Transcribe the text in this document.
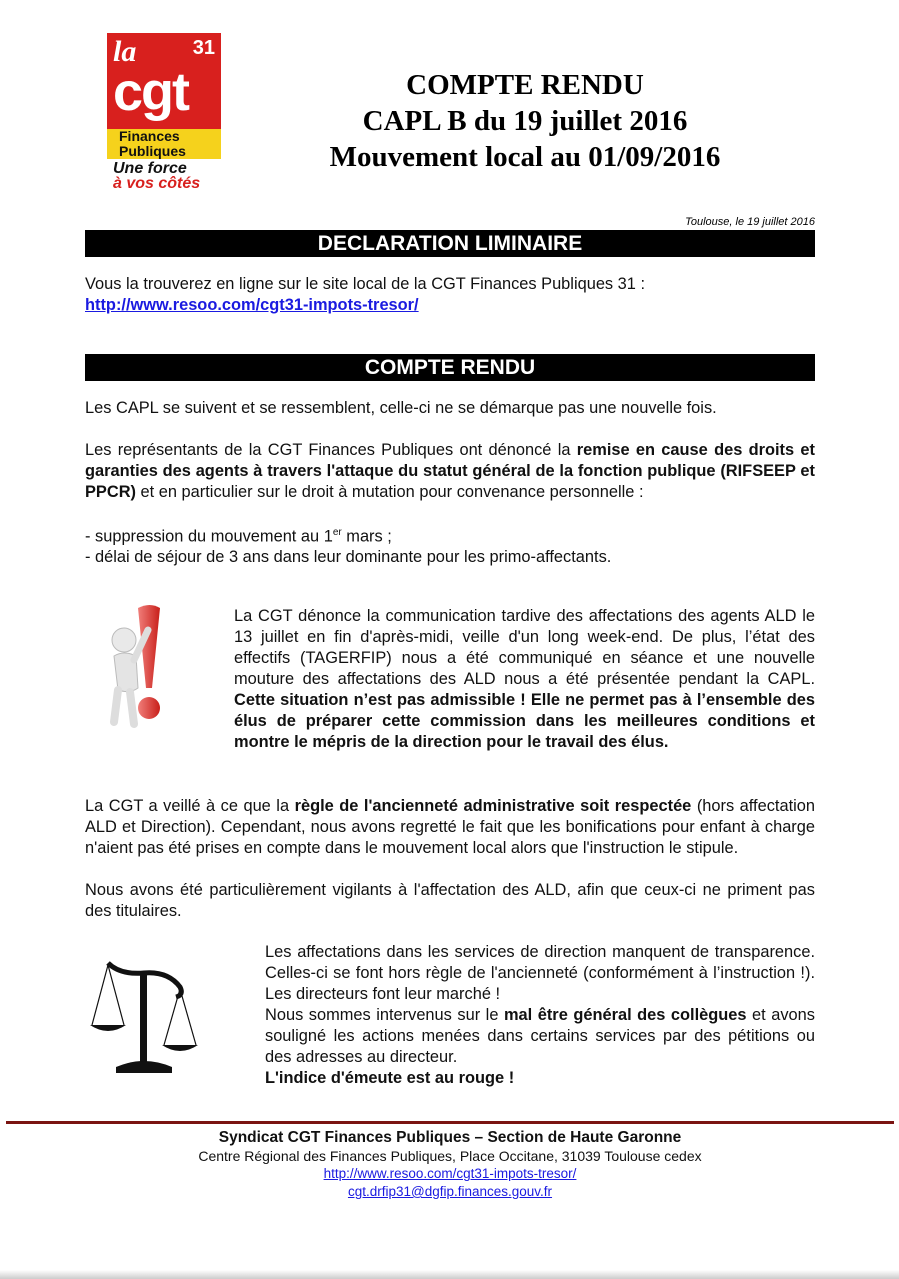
la	31
cgt
Finances
Publiques
Une force
à vos côtés
COMPTE RENDU
CAPL B du 19 juillet 2016
Mouvement local au 01/09/2016
Toulouse, le 19 juillet 2016
DECLARATION LIMINAIRE
Vous la trouverez en ligne sur le site local de la CGT Finances Publiques 31 :
http://www.resoo.com/cgt31-impots-tresor/
COMPTE RENDU
Les CAPL se suivent et se ressemblent, celle-ci ne se démarque pas une nouvelle fois.
Les représentants de la CGT Finances Publiques ont dénoncé la remise en cause des droits et garanties des agents à travers l'attaque du statut général de la fonction publique (RIFSEEP et PPCR) et en particulier sur le droit à mutation pour convenance personnelle :
- suppression du mouvement au 1er mars ;
- délai de séjour de 3 ans dans leur dominante pour les primo-affectants.
La CGT dénonce la communication tardive des affectations des agents ALD le 13 juillet en fin d'après-midi, veille d'un long week-end. De plus, l’état des effectifs (TAGERFIP) nous a été communiqué en séance et une nouvelle mouture des affectations des ALD nous a été présentée pendant la CAPL. Cette situation n’est pas admissible ! Elle ne permet pas à l’ensemble des élus de préparer cette commission dans les meilleures conditions et montre le mépris de la direction pour le travail des élus.
La CGT a veillé à ce que la règle de l'ancienneté administrative soit respectée (hors affectation ALD et Direction). Cependant, nous avons regretté le fait que les bonifications pour enfant à charge n'aient pas été prises en compte dans le mouvement local alors que l'instruction le stipule.
Nous avons été particulièrement vigilants à l'affectation des ALD, afin que ceux-ci ne priment pas des titulaires.
Les affectations dans les services de direction manquent de transparence. Celles-ci se font hors règle de l'ancienneté (conformément à l’instruction !). Les directeurs font leur marché !
Nous sommes intervenus sur le mal être général des collègues et avons souligné les actions menées dans certains services par des pétitions ou des adresses au directeur.
L'indice d'émeute est au rouge !
Syndicat CGT Finances Publiques – Section de Haute Garonne
Centre Régional des Finances Publiques, Place Occitane, 31039 Toulouse cedex
http://www.resoo.com/cgt31-impots-tresor/
cgt.drfip31@dgfip.finances.gouv.fr
